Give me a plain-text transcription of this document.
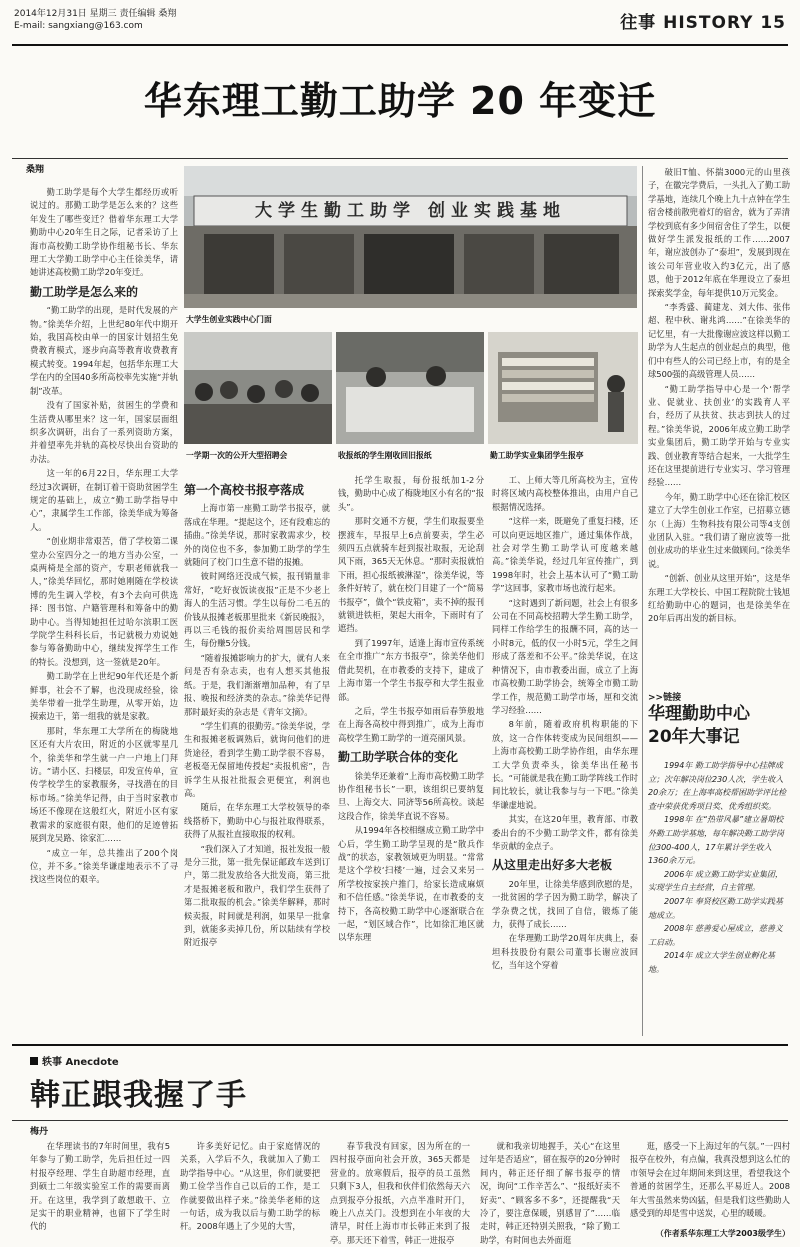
2014年12月31日 星期三 责任编辑 桑翔
E-mail: sangxiang@163.com	往事 HISTORY 15
华东理工勤工助学 20 年变迁
桑翔

勤工助学是每个大学生都经历或听说过的。那勤工助学是怎么来的？这些年发生了哪些变迁？借着华东理工大学勤助中心20年生日之际，记者采访了上海市高校勤工助学协作组秘书长、华东理工大学勤工助学中心主任徐美华，请她讲述高校勤工助学20年变迁。

勤工助学是怎么来的

“勤工助学的出现，是时代发展的产物。”徐美华介绍，上世纪80年代中期开始，我国高校由单一的国家计划招生免费教育模式，逐步向高等教育收费教育模式转变。1994年起，包括华东理工大学在内的全国40多所高校率先实施“并轨制”改革。

没有了国家补贴，贫困生的学费和生活费从哪里来？这一年，国家层面组织多次调研，出台了一系列资助方案，并着望率先并轨的高校尽快出台资助的办法。

这一年的6月22日，华东理工大学经过3次调研，在制订着干资助贫困学生规定的基础上，成立“勤工助学指导中心”，隶属学生工作部，徐美华成为筹备人。

“创业期非常艰苦，借了学校第二课堂办公室四分之一的地方当办公室，一桌两椅是全部的资产，专职老师就我一人，”徐美华回忆，那时她刚随在学校读博的先生调入学校，有3个去向可供选择：图书馆、户籍管理科和筹备中的勤助中心。当得知她担任过哈尔滨职工医学院学生科科长后，书记就极力劝说她参与筹备勤助中心，继续发挥学生工作的特长。没想到，这一签就是20年。

勤工助学在上世纪90年代还是个新鲜事，社会不了解，也没现成经验，徐美华带着一批学生助理，从零开始，边摸索边干，第一组我的就是家教。

那时，华东理工大学所在的梅陇地区还有大片农田，附近的小区就零星几个，徐美华和学生就一户一户地上门拜访。“请小区、扫楼层，印发宣传单，宣传学校学生的家教服务，寻找潜在的目标市场。”徐美华记得，由于当时家教市场还不像现在这般红火，附近小区有家教需求的家庭很有限，他们的足迹曾拓展到龙吴路、徐家汇……

“成立一年，总共推出了200个岗位，并不多。”徐美华谦虚地表示不了寻找这些岗位的艰辛。

大学生勤工助学 创业实践基地
大学生创业实践中心门面
一学期一次的公开大型招聘会	收报纸的学生刚收回旧报纸	勤工助学实业集团学生报亭
第一个高校书报亭落成

上海市第一座勤工助学书报亭，就落成在华理。“提起这个，还有段难忘的插曲。”徐美华说，那时家教需求少，校外的岗位也不多，参加勤工助学的学生就随问了校门口生意不错的报摊。

彼时网络还没成气候，报刊销量非常好，“吃好夜饭读夜报”正是不少老上海人的生活习惯。学生以每份二毛五的价钱从报摊老板那里批来《新民晚报》，再以三毛钱的报价卖给周围居民和学生，每份赚5分钱。

“随着报摊影响力的扩大，就有人来问是否有杂志卖，也有人想买其他报纸。于是，我们渐渐增加品种，有了早报、晚报和经济类的杂志。”徐美华记得那时最好卖的杂志是《青年文摘》。

“学生们真的很勤劳。”徐美华说，学生和报摊老板调熟后，就询问他们的进货途径，看到学生勤工助学很不容易，老板毫无保留地传授起“卖报机密”，告诉学生从报社批报会更便宜，利润也高。

随后，在华东理工大学校领导的牵线搭桥下，勤助中心与报社取得联系，获得了从报社直接取报的权利。

“我们深入了才知道，报社发报一般是分三批，第一批先保证邮政车送到订户，第二批发放给各大批发商，第三批才是报摊老板和散户，我们学生获得了第二批取报的机会。”徐美华解释，那时候卖报，时间就是利润，如果早一批拿到，就能多卖掉几份，所以陆续有学校附近报亭

托学生取报，每份报纸加1-2分钱，勤助中心成了梅陇地区小有名的“报头”。

那时交通不方便，学生们取报要坐摆渡车，早报早上6点前要卖，学生必须四五点就骑车赶到报社取报，无论刮风下雨，365天无休息。“那时卖报就怕下雨，担心报纸被淋湿”，徐美华说，等条件好转了，就在校门目建了一个“简易书报亭”，做个“铁皮箱”，卖不掉的报刊就锁进铁柜，架起大雨伞，下雨时有了遮挡。

到了1997年，适逢上海市宣传系统在全市推广“东方书报亭”，徐美华他们借此契机，在市教委的支持下，建成了上海市第一个学生书报亭和大学生报业部。

之后，学生书报亭如雨后春笋般地在上海各高校中得到推广，成为上海市高校学生勤工助学的一道亮丽风景。

勤工助学联合体的变化

徐美华还兼着“上海市高校勤工助学协作组秘书长”一职，该组织已要纳复旦、上海交大、同济等56所高校。谈起这段合作，徐美华直说不容易。

从1994年各校相继成立勤工助学中心后，学生勤工助学呈现的是“散兵作战”的状态，家教领域更为明显。“常常是这个学校‘扫楼’一遍，过会又来另一所学校按家挨户推门，给家长造成麻烦和不信任感。”徐美华说，在市教委的支持下，各高校勤工助学中心逐渐联合在一起，“划区域合作”，比如徐汇地区就以华东理

工、上师大等几所高校为主，宣传时将区域内高校整体推出，由用户自己根据情况选择。

“这样一来，既避免了重复扫楼，还可以向更远地区推广，通过集体作战，社会对学生勤工助学认可度越来越高。”徐美华说，经过几年宣传推广，到1998年时，社会上基本认可了“勤工助学”这回事，家教市场也流行起来。

“这时遇到了新问题，社会上有很多公司在不同高校招聘大学生勤工助学，同样工作给学生的报酬不同，高的达一小时8元，低的仅一小时5元，学生之间形成了落差和不公平。”徐美华说，在这种情况下，由市教委出面，成立了上海市高校勤工助学协会，统筹全市勤工助学工作，规范勤工助学市场，厘和交流学习经验……

8年前，随着政府机构职能的下放，这一合作体转变成为民间组织——上海市高校勤工助学协作组，由华东理工大学负责牵头，徐美华出任秘书长。“可能就是我在勤工助学阵线工作时间比较长，就让我参与与一下吧。”徐美华谦虚地说。

其实，在这20年里，教育部、市教委出台的不少勤工助学文件，都有徐美华贡献的金点子。

从这里走出好多大老板

20年里，让徐美华感到欣慰的是，一批贫困的学子因为勤工助学，解决了学杂费之忧，找回了自信，锻炼了能力，获得了成长……

在华理勤工助学20周年庆典上，泰坦科技股份有限公司董事长谢应波回忆，当年这个穿着

破旧T恤、怀揣3000元的山里孩子，在徽完学费后，一头扎入了勤工助学基地，连续几个晚上九十点钟在学生宿舍楼前散兜着灯的宿舍，就为了弄清学校到底有多少间宿舍住了学生，以便做好学生派发报纸的工作……2007年，谢应波创办了“泰坦”，发展到现在该公司年营业收入约3亿元，出了感恩，他于2012年底在华理设立了泰坦探索奖学金，每年提供10万元奖金。

“李秀盛、蔺建龙、刘大伟、张伟超、程中秋、谢兆鸿……”在徐美华的记忆里，有一大批像谢应波这样以勤工助学为人生起点的创业起点的典型，他们中有些人的公司已经上市，有的是全球500强的高级管理人员……

“勤工助学指导中心是一个‘帮学业、促就业、扶创业’的实践育人平台，经历了从扶贫、扶志到扶人的过程。”徐美华说，2006年成立勤工助学实业集团后，勤工助学开始与专业实践、创业教育等结合起来，一大批学生还在这里提前进行专业实习、学习管理经验……

今年，勤工助学中心还在徐汇校区建立了大学生创业工作室，已招募立德尔（上海）生物科技有限公司等4支创业团队入驻。“我们请了谢应波等一批创业成功的毕业生过来做顾问。”徐美华说。

“创新、创业从这里开始”，这是华东理工大学校长、中国工程院院士钱旭红给勤助中心的题词，也是徐美华在20年后再出发的新目标。

>>链接
华理勤助中心
20年大事记

1994年 勤工助学指导中心挂牌成立；次年解决岗位230人次，学生收入20余万；在上海率高校帮困助学评比检查中荣获优秀项目奖、优秀组织奖。

1998年 在“热带风暴”建立暑期校外勤工助学基地，每年解决勤工助学岗位300-400人，17年累计学生收入1360余万元。

2006年 成立勤工助学实业集团，实现学生自主经营，自主管理。

2007年 奉贤校区勤工助学实践基地成立。

2008年 慈善爱心屋成立，慈善义工启动。

2014年 成立大学生创业孵化基地。

轶事 Anecdote
韩正跟我握了手
梅丹

在华理读书的7年时间里，我有5年参与了勤工助学，先后担任过一四村报亭经理、学生自助超市经理，直到硕士二年级实验室工作的需要而离开。在这里，我学到了敢想敢干、立足实干的职业精神，也留下了学生时代的

许多美好记忆。由于家庭情况的关系，入学后不久，我就加入了勤工助学指导中心。“从这里，你们就要把勤工俭学当作自己以后的工作，是工作就要做出样子来。”徐美华老师的这一句话，成为我以后与勤工助学的标杆。2008年遇上了少见的大雪，

春节我没有回家，因为所在的一四村报亭面向社会开放，365天都是营业的。放寒假后，报亭的员工虽然只剩下3人，但我和伙伴们依然每天六点到报亭分报纸，六点半准时开门，晚上八点关门。没想到在小年夜的大清早，时任上海市市长韩正来到了报亭。那天还下着雪，韩正一进报亭

就和我亲切地握手，关心“在这里过年是否适应”，留在报亭的20分钟时间内，韩正还仔细了解书报亭的情况，询问“工作辛苦么”、“报纸好卖不好卖”、“顾客多不多”，还提醒我“天冷了，要注意保暖，别感冒了”……临走时，韩正还特别关照我，“除了勤工助学，有时间也去外面逛

逛，感受一下上海过年的气氛。”一四村报亭在校外，有点偏，我真没想到这么忙的市领导会在过年期间来到这里，看望我这个普通的贫困学生，还那么平易近人。2008年大雪虽然来势凶猛，但是我们这些勤助人感受到的却是雪中送炭，心里的暖暖。

（作者系华东理工大学2003级学生）
